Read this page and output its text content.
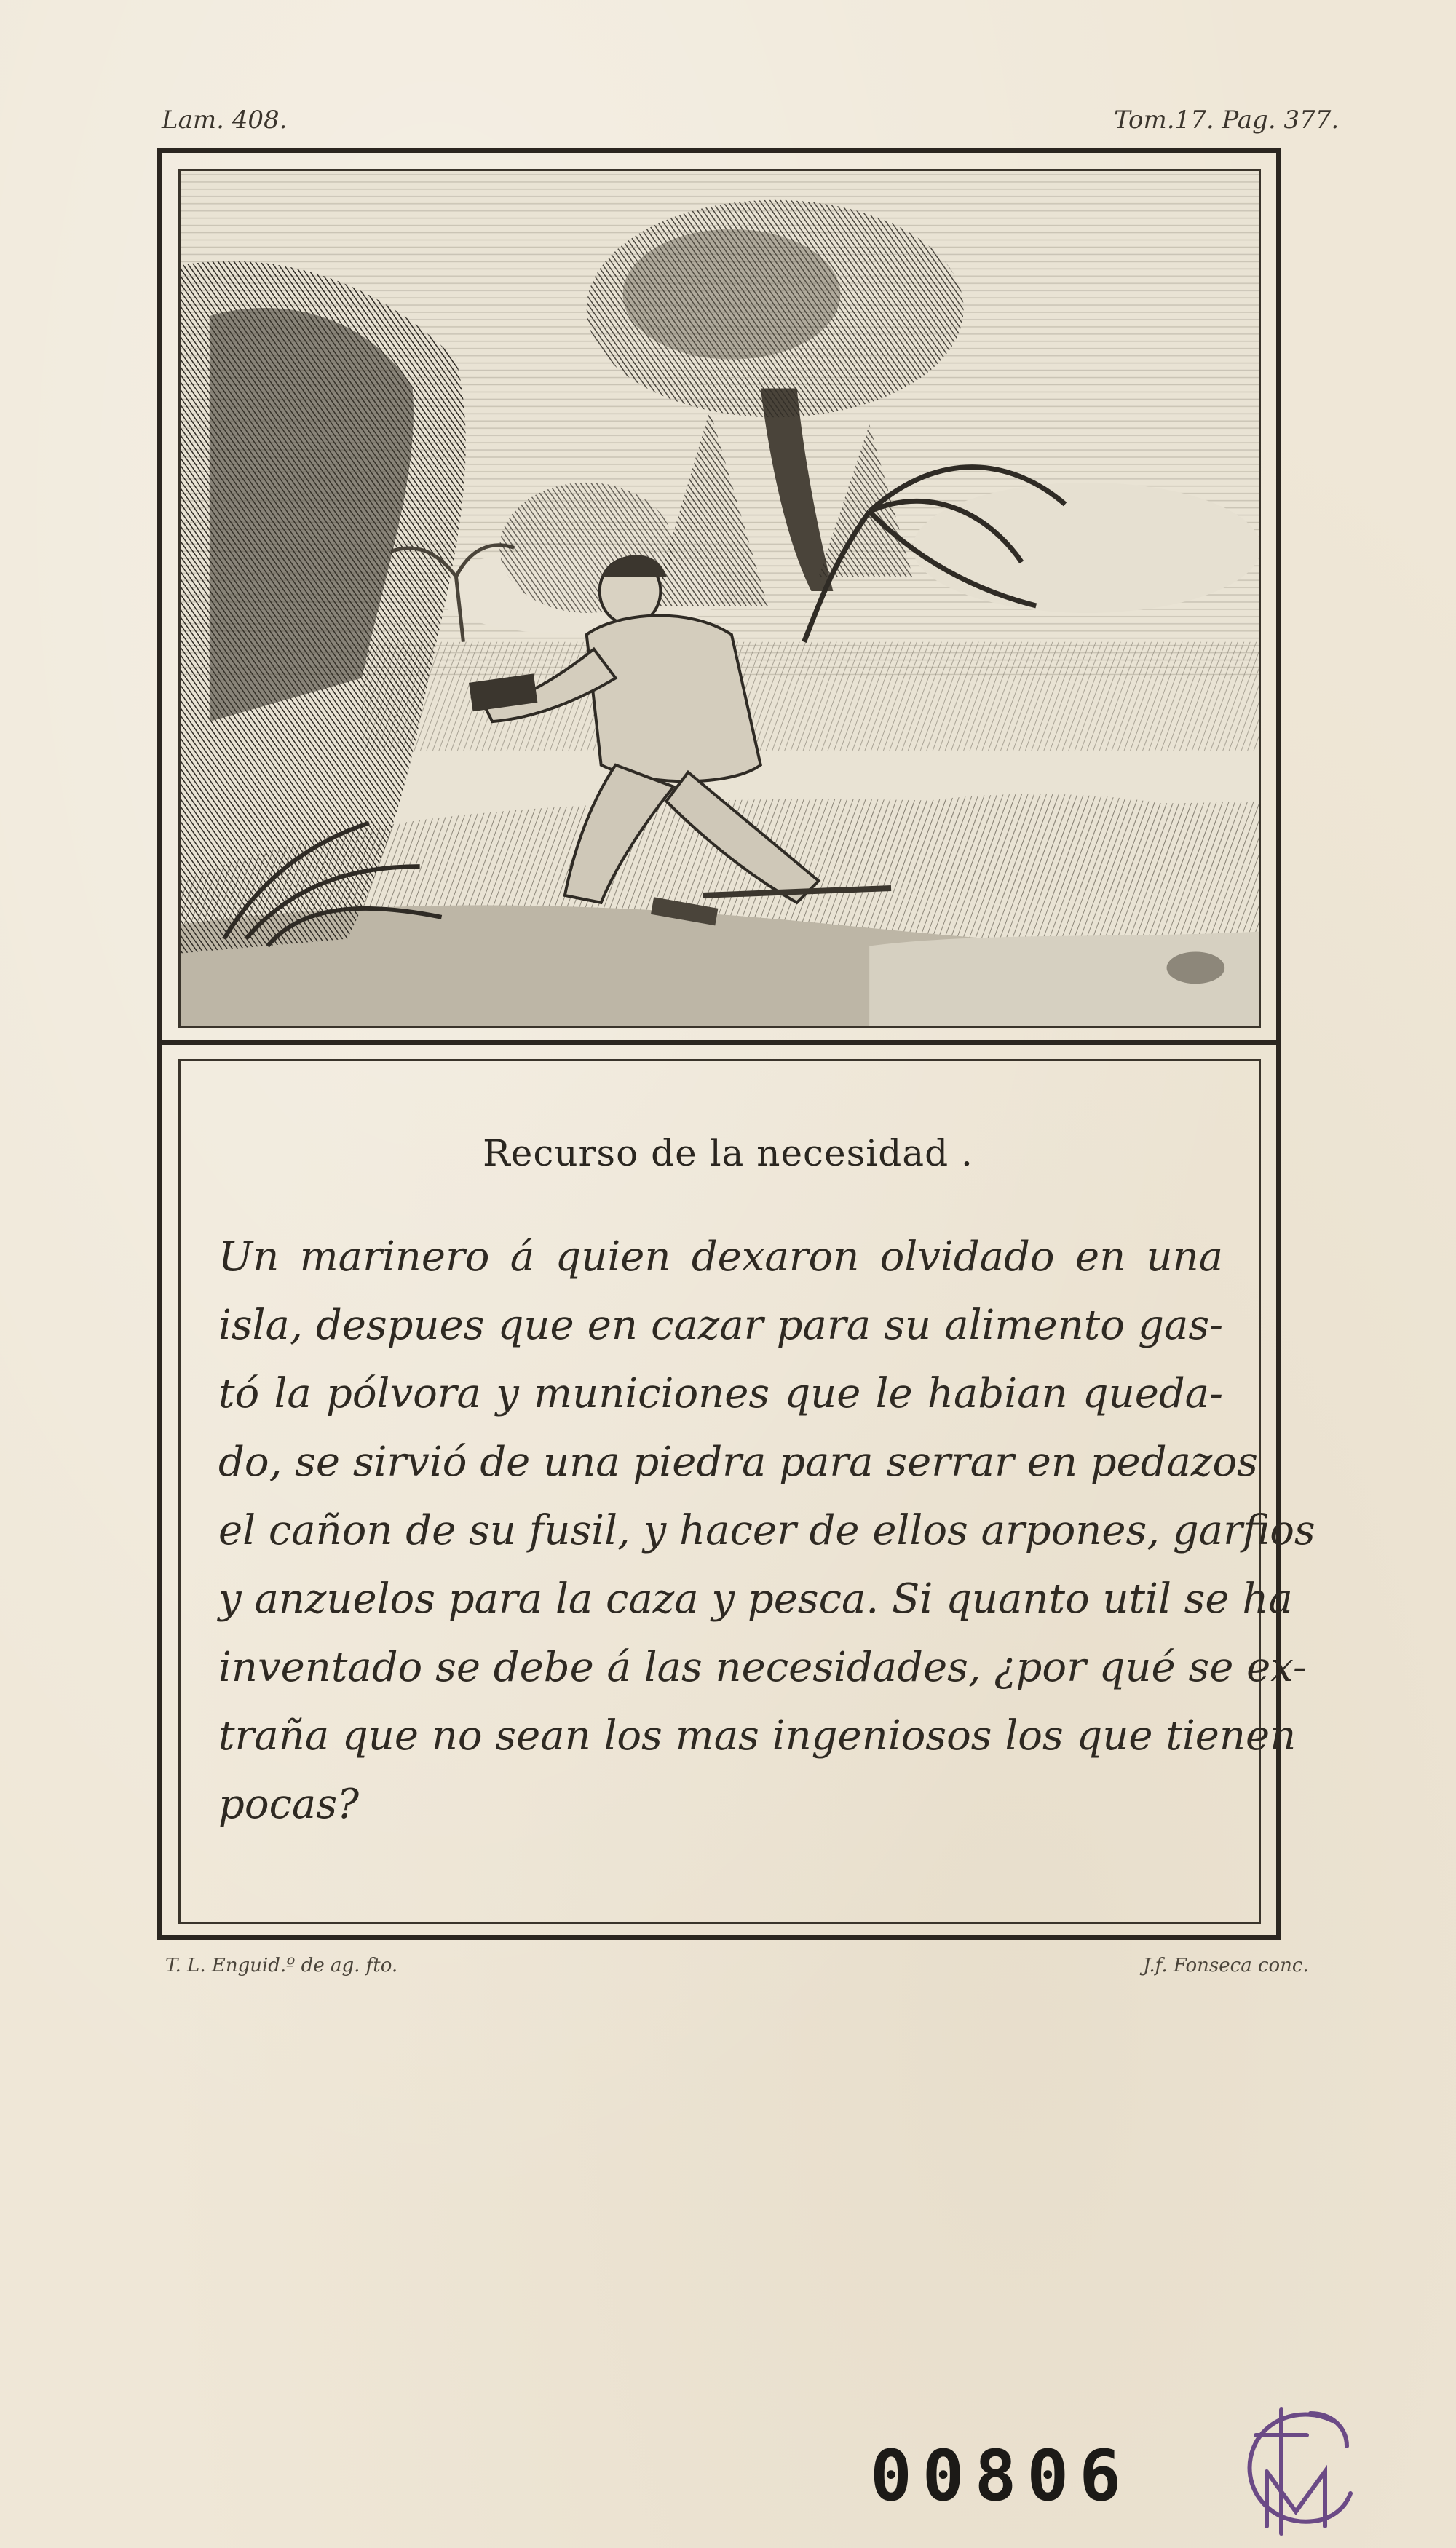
Lam. 408.	Tom.17. Pag. 377.
Recurso de la necesidad .
Un marinero á quien dexaron olvidado en una
isla, despues que en cazar para su alimento gas-
tó la pólvora y municiones que le habian queda-
do, se sirvió de una piedra para serrar en pedazos
el cañon de su fusil, y hacer de ellos arpones, garfios
y anzuelos para la caza y pesca. Si quanto util se ha
inventado se debe á las necesidades, ¿por qué se ex-
traña que no sean los mas ingeniosos los que tienen
pocas?
T. L. Enguid.º de ag. fto.	J.f. Fonseca conc.
00806
